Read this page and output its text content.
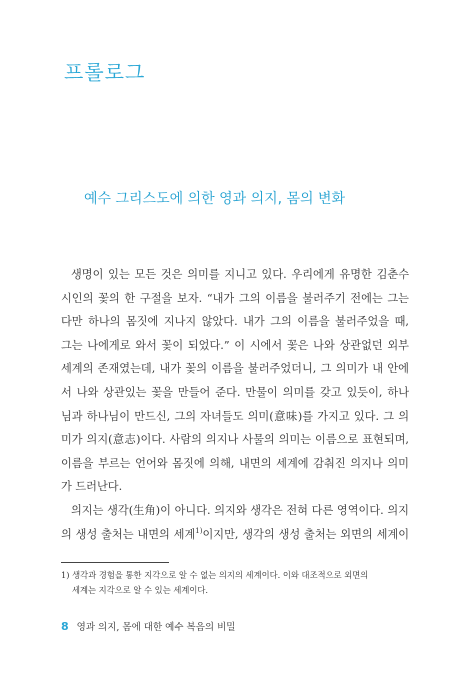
프롤로그
예수 그리스도에 의한 영과 의지, 몸의 변화
생명이 있는 모든 것은 의미를 지니고 있다. 우리에게 유명한 김춘수
시인의 꽃의 한 구절을 보자. “내가 그의 이름을 불러주기 전에는 그는
다만 하나의 몸짓에 지나지 않았다. 내가 그의 이름을 불러주었을 때,
그는 나에게로 와서 꽃이 되었다.” 이 시에서 꽃은 나와 상관없던 외부
세계의 존재였는데, 내가 꽃의 이름을 불러주었더니, 그 의미가 내 안에
서 나와 상관있는 꽃을 만들어 준다. 만물이 의미를 갖고 있듯이, 하나
님과 하나님이 만드신, 그의 자녀들도 의미(意味)를 가지고 있다. 그 의
미가 의지(意志)이다. 사람의 의지나 사물의 의미는 이름으로 표현되며,
이름을 부르는 언어와 몸짓에 의해, 내면의 세계에 감춰진 의지나 의미
가 드러난다.
의지는 생각(生角)이 아니다. 의지와 생각은 전혀 다른 영역이다. 의지
의 생성 출처는 내면의 세계$^{1)}$이지만, 생각의 생성 출처는 외면의 세계이
1) 생각과 경험을 통한 지각으로 알 수 없는 의지의 세계이다. 이와 대조적으로 외면의
세계는 지각으로 알 수 있는 세계이다.
8 영과 의지, 몸에 대한 예수 복음의 비밀
